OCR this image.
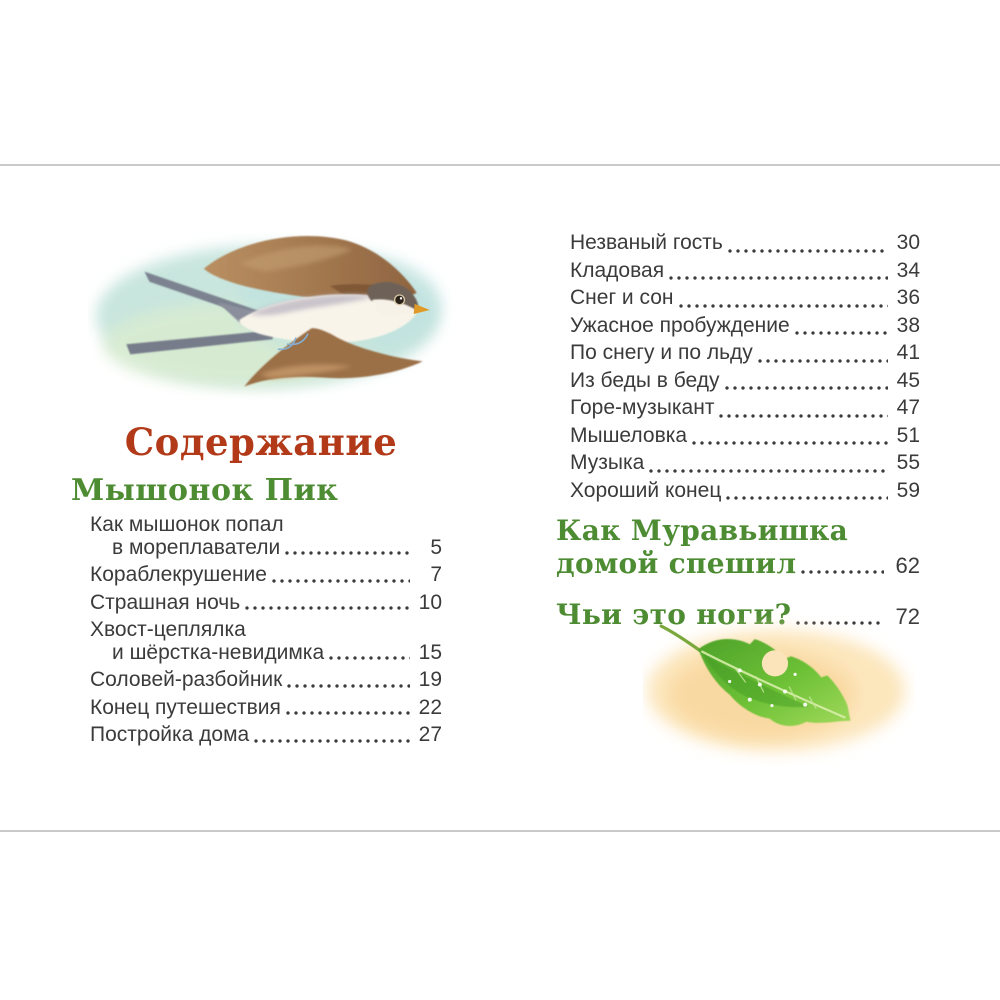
Содержание
Мышонок Пик
Как мышонок попал
в мореплаватели	5
Кораблекрушение	7
Страшная ночь	10
Хвост-цеплялка
и шёрстка-невидимка	15
Соловей-разбойник	19
Конец путешествия	22
Постройка дома	27
Незваный гость	30
Кладовая	34
Снег и сон	36
Ужасное пробуждение	38
По снегу и по льду	41
Из беды в беду	45
Горе-музыкант	47
Мышеловка	51
Музыка	55
Хороший конец	59
Как Муравьишка
домой спешил	62
Чьи это ноги?	72
